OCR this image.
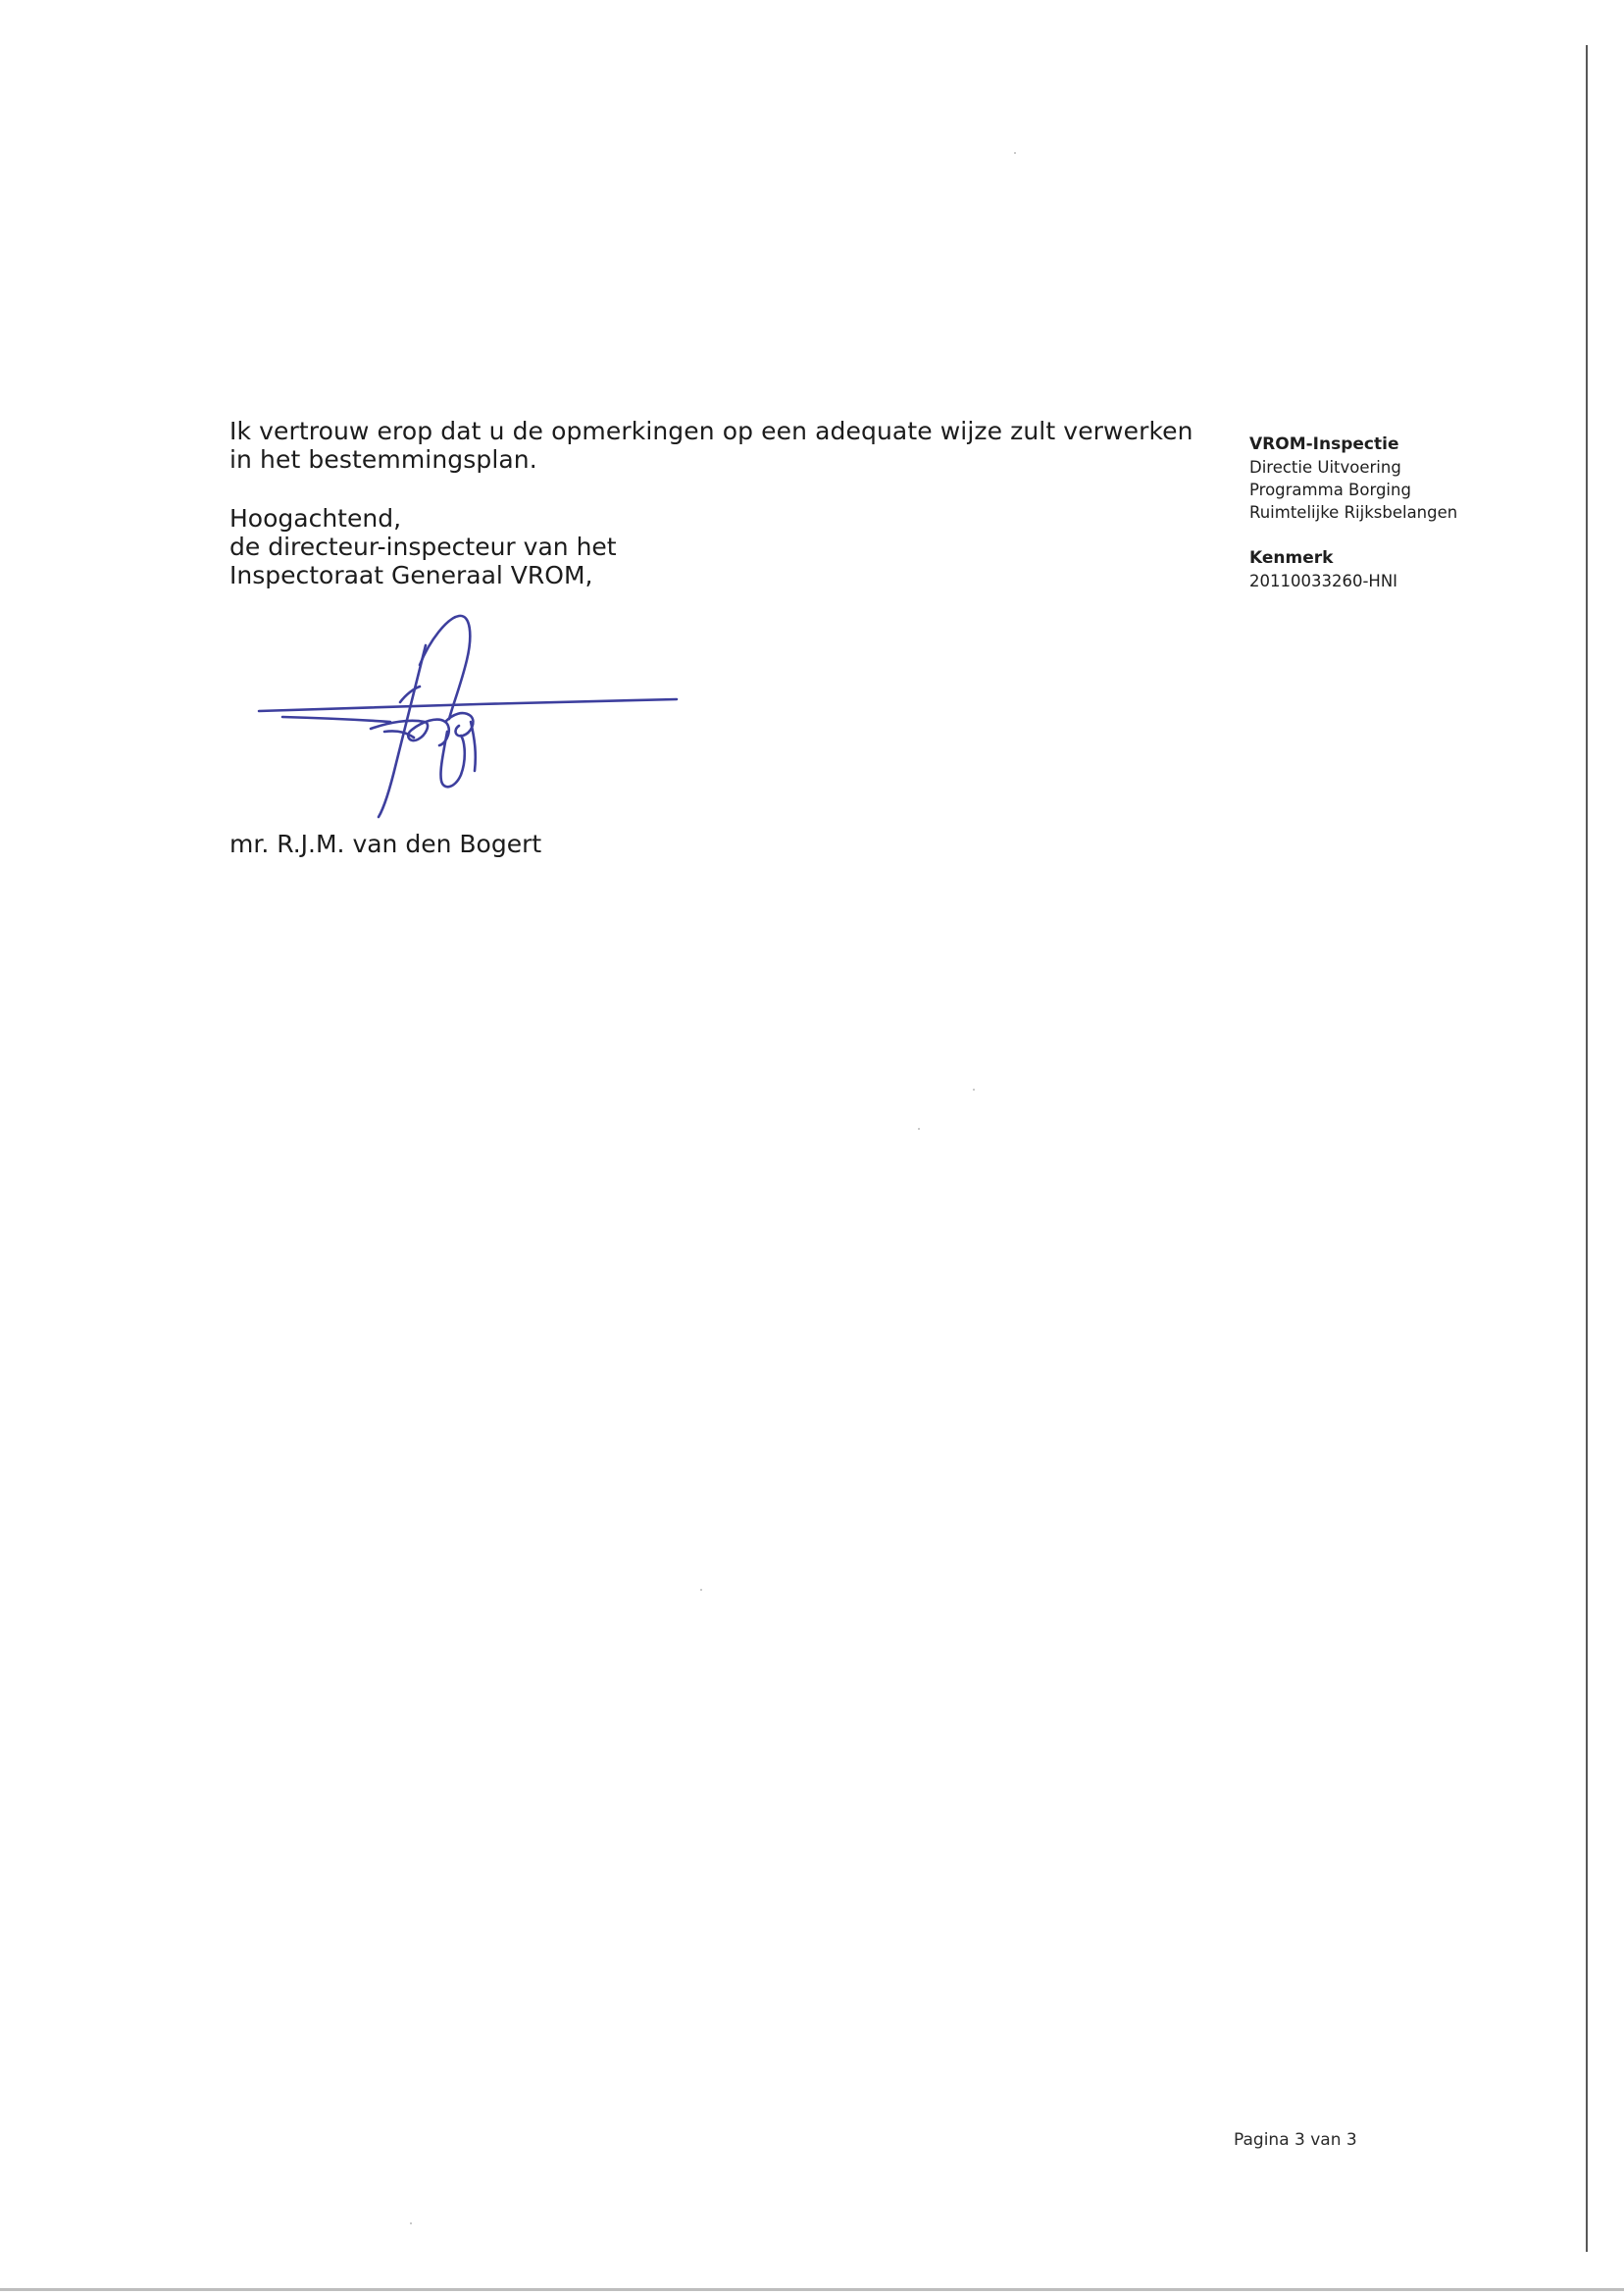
Ik vertrouw erop dat u de opmerkingen op een adequate wijze zult verwerken in het bestemmingsplan.

Hoogachtend,
de directeur-inspecteur van het
Inspectoraat Generaal VROM,
mr. R.J.M. van den Bogert
VROM-Inspectie
Directie Uitvoering
Programma Borging
Ruimtelijke Rijksbelangen
Kenmerk
20110033260-HNI
Pagina 3 van 3
